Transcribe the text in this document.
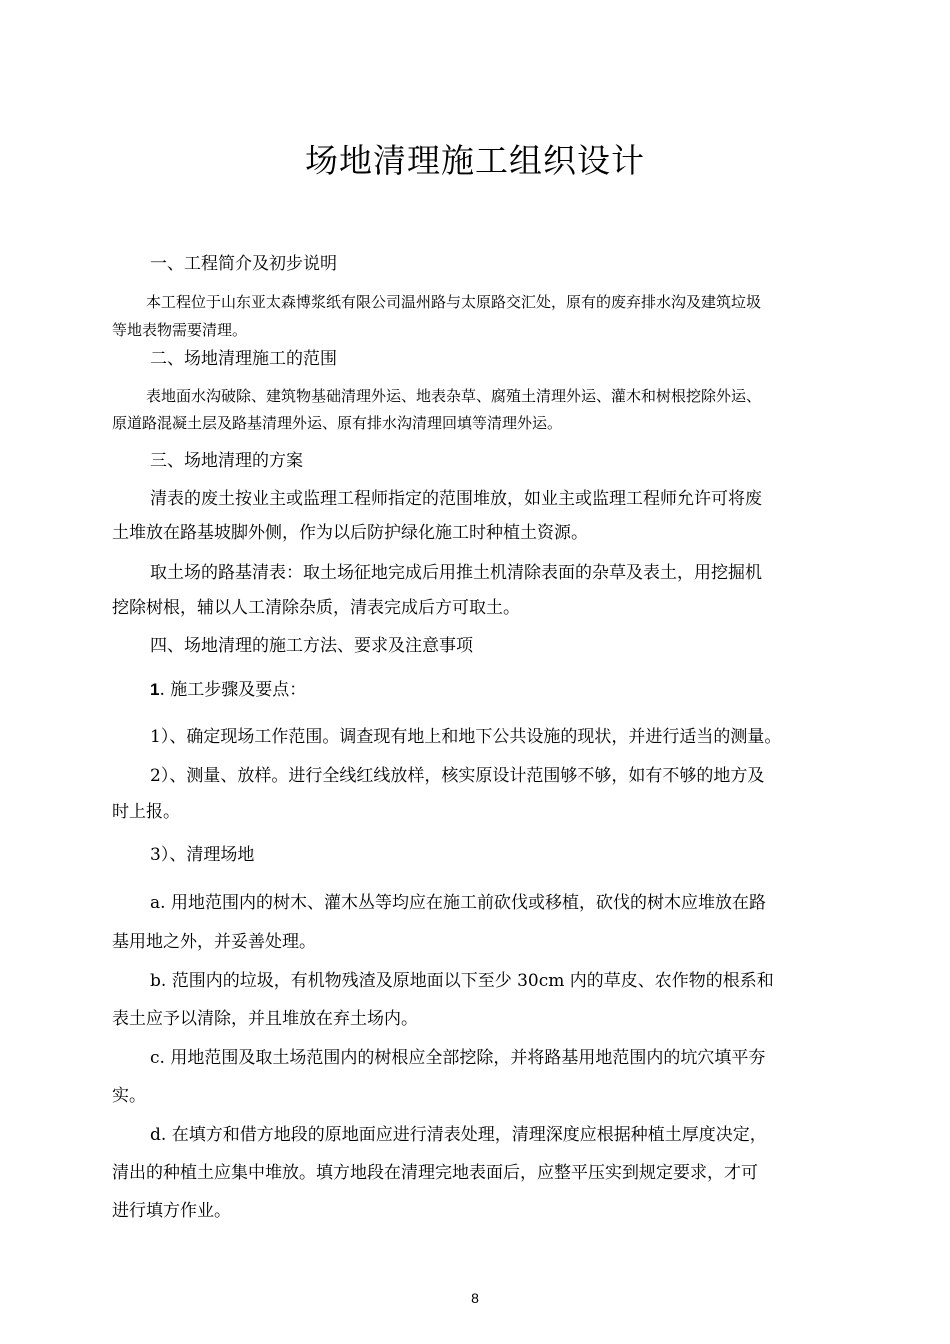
场地清理施工组织设计
一、工程简介及初步说明
本工程位于山东亚太森博浆纸有限公司温州路与太原路交汇处，原有的废弃排水沟及建筑垃圾
等地表物需要清理。
二、场地清理施工的范围
表地面水沟破除、建筑物基础清理外运、地表杂草、腐殖土清理外运、灌木和树根挖除外运、
原道路混凝土层及路基清理外运、原有排水沟清理回填等清理外运。
三、场地清理的方案
清表的废土按业主或监理工程师指定的范围堆放，如业主或监理工程师允许可将废
土堆放在路基坡脚外侧，作为以后防护绿化施工时种植土资源。
取土场的路基清表：取土场征地完成后用推土机清除表面的杂草及表土，用挖掘机
挖除树根，辅以人工清除杂质，清表完成后方可取土。
四、场地清理的施工方法、要求及注意事项
1. 施工步骤及要点：
1）、确定现场工作范围。调查现有地上和地下公共设施的现状，并进行适当的测量。
2）、测量、放样。进行全线红线放样，核实原设计范围够不够，如有不够的地方及
时上报。
3）、清理场地
a. 用地范围内的树木、灌木丛等均应在施工前砍伐或移植，砍伐的树木应堆放在路
基用地之外，并妥善处理。
b. 范围内的垃圾，有机物残渣及原地面以下至少 30cm 内的草皮、农作物的根系和
表土应予以清除，并且堆放在弃土场内。
c. 用地范围及取土场范围内的树根应全部挖除，并将路基用地范围内的坑穴填平夯
实。
d. 在填方和借方地段的原地面应进行清表处理，清理深度应根据种植土厚度决定，
清出的种植土应集中堆放。填方地段在清理完地表面后，应整平压实到规定要求，才可
进行填方作业。
8
